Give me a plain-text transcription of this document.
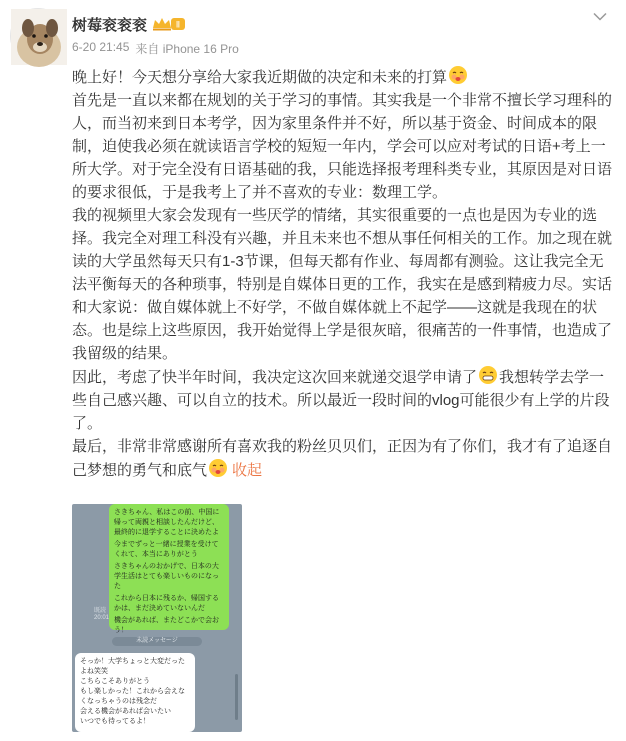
树莓衮衮衮	Ⅱ
6-20 21:45 来自 iPhone 16 Pro

晚上好！今天想分享给大家我近期做的决定和未来的打算

首先是一直以来都在规划的关于学习的事情。其实我是一个非常不擅长学习理科的人，而当初来到日本考学，因为家里条件并不好，所以基于资金、时间成本的限制，迫使我必须在就读语言学校的短短一年内，学会可以应对考试的日语+考上一所大学。对于完全没有日语基础的我，只能选择报考理科类专业，其原因是对日语的要求很低，于是我考上了并不喜欢的专业：数理工学。

我的视频里大家会发现有一些厌学的情绪，其实很重要的一点也是因为专业的选择。我完全对理工科没有兴趣，并且未来也不想从事任何相关的工作。加之现在就读的大学虽然每天只有1-3节课，但每天都有作业、每周都有测验。这让我完全无法平衡每天的各种琐事，特别是自媒体日更的工作，我实在是感到精疲力尽。实话和大家说：做自媒体就上不好学，不做自媒体就上不起学——这就是我现在的状态。也是综上这些原因，我开始觉得上学是很灰暗，很痛苦的一件事情，也造成了我留级的结果。

因此，考虑了快半年时间，我决定这次回来就递交退学申请了 我想转学去学一些自己感兴趣、可以自立的技术。所以最近一段时间的vlog可能很少有上学的片段了。

最后，非常非常感谢所有喜欢我的粉丝贝贝们，正因为有了你们，我才有了追逐自己梦想的勇气和底气 收起

さきちゃん、私はこの前、中国に帰って両親と相談したんだけど、最終的に退学することに決めたよ

今までずっと一緒に授業を受けてくれて、本当にありがとう

さきちゃんのおかげで、日本の大学生活はとても楽しいものになった

これから日本に残るか、帰国するかは、まだ決めていないんだ

機会があれば、またどこかで会おう！

既読
20:01
未読メッセージ

そっか！大学ちょっと大変だったよね笑笑

こちらこそありがとう

もし楽しかった！これから会えなくなっちゃうのは残念だ

会える機会があれば会いたい

いつでも待ってるよ！
